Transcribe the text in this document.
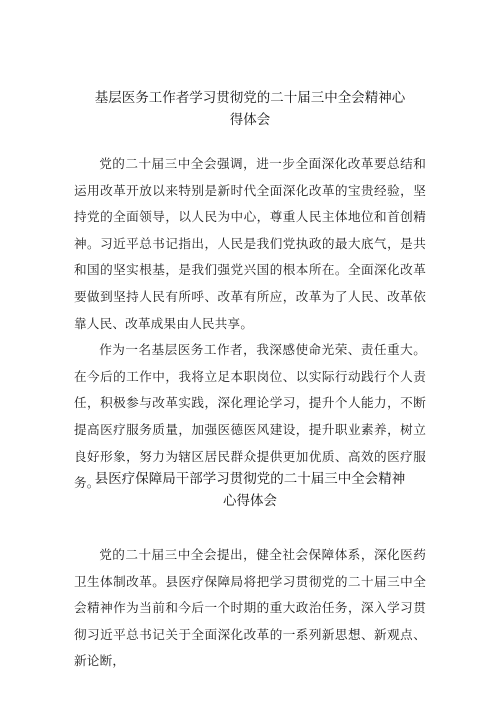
基层医务工作者学习贯彻党的二十届三中全会精神心
得体会

党的二十届三中全会强调，进一步全面深化改革要总结和运用改革开放以来特别是新时代全面深化改革的宝贵经验，坚持党的全面领导，以人民为中心，尊重人民主体地位和首创精神。习近平总书记指出，人民是我们党执政的最大底气，是共和国的坚实根基，是我们强党兴国的根本所在。全面深化改革要做到坚持人民有所呼、改革有所应，改革为了人民、改革依靠人民、改革成果由人民共享。

作为一名基层医务工作者，我深感使命光荣、责任重大。在今后的工作中，我将立足本职岗位、以实际行动践行个人责任，积极参与改革实践，深化理论学习，提升个人能力，不断提高医疗服务质量，加强医德医风建设，提升职业素养，树立良好形象，努力为辖区居民群众提供更加优质、高效的医疗服务。

县医疗保障局干部学习贯彻党的二十届三中全会精神
心得体会

党的二十届三中全会提出，健全社会保障体系，深化医药卫生体制改革。县医疗保障局将把学习贯彻党的二十届三中全会精神作为当前和今后一个时期的重大政治任务，深入学习贯彻习近平总书记关于全面深化改革的一系列新思想、新观点、新论断，
